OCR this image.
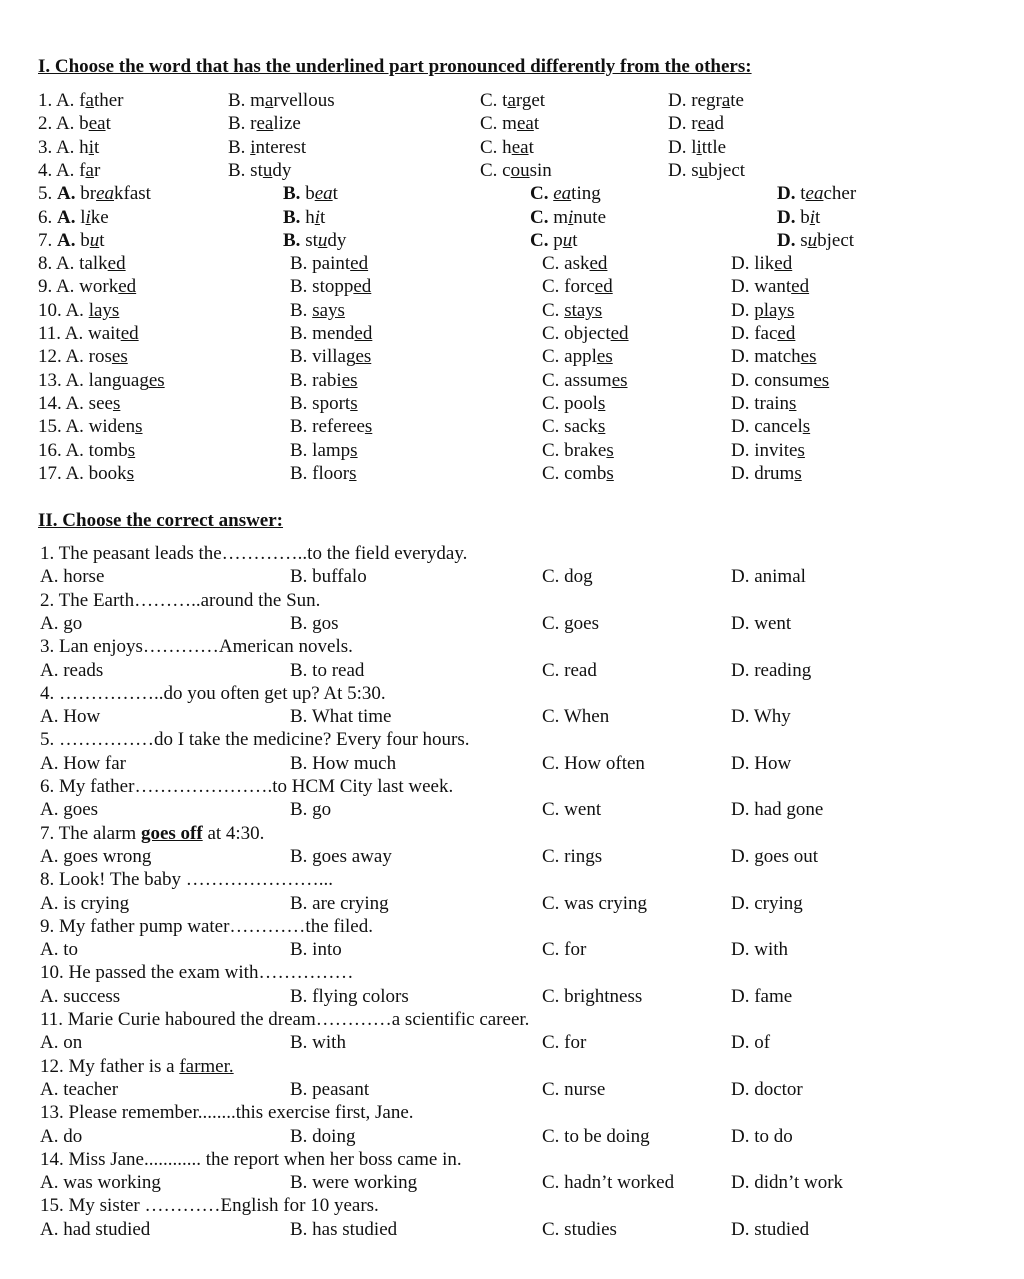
I. Choose the word that has the underlined part pronounced differently from the others:
1. A. father	B. marvellous	C. target	D. regrate
2. A. beat	B. realize	C. meat	D. read
3. A. hit	B. interest	C. heat	D. little
4. A. far	B. study	C. cousin	D. subject
5. A. breakfast	B. beat	C. eating	D. teacher
6. A. like	B. hit	C. minute	D. bit
7. A. but	B. study	C. put	D. subject
8. A. talked	B. painted	C. asked	D. liked
9. A. worked	B. stopped	C. forced	D. wanted
10. A. lays	B. says	C. stays	D. plays
11. A. waited	B. mended	C. objected	D. faced
12. A. roses	B. villages	C. apples	D. matches
13. A. languages	B. rabies	C. assumes	D. consumes
14. A. sees	B. sports	C. pools	D. trains
15. A. widens	B. referees	C. sacks	D. cancels
16. A. tombs	B. lamps	C. brakes	D. invites
17. A. books	B. floors	C. combs	D. drums
II. Choose the correct answer:
1. The peasant leads the…………..to the field everyday.
A. horse	B. buffalo	C. dog	D. animal
2. The Earth………..around the Sun.
A. go	B. gos	C. goes	D. went
3. Lan enjoys…………American novels.
A. reads	B. to read	C. read	D. reading
4. ……………..do you often get up? At 5:30.
A. How	B. What time	C. When	D. Why
5. ……………do I take the medicine? Every four hours.
A. How far	B. How much	C. How often	D. How
6. My father………………….to HCM City last week.
A. goes	B. go	C. went	D. had gone
7. The alarm goes off at 4:30.
A. goes wrong	B. goes away	C. rings	D. goes out
8. Look! The baby …………………...
A. is crying	B. are crying	C. was crying	D. crying
9. My father pump water…………the filed.
A. to	B. into	C. for	D. with
10. He passed the exam with……………
A. success	B. flying colors	C. brightness	D. fame
11. Marie Curie haboured the dream…………a scientific career.
A. on	B. with	C. for	D. of
12. My father is a farmer.
A. teacher	B. peasant	C. nurse	D. doctor
13. Please remember........this exercise first, Jane.
A. do	B. doing	C. to be doing	D. to do
14. Miss Jane............ the report when her boss came in.
A. was working	B. were working	C. hadn’t worked	D. didn’t work
15. My sister …………English for 10 years.
A. had studied	B. has studied	C. studies	D. studied
